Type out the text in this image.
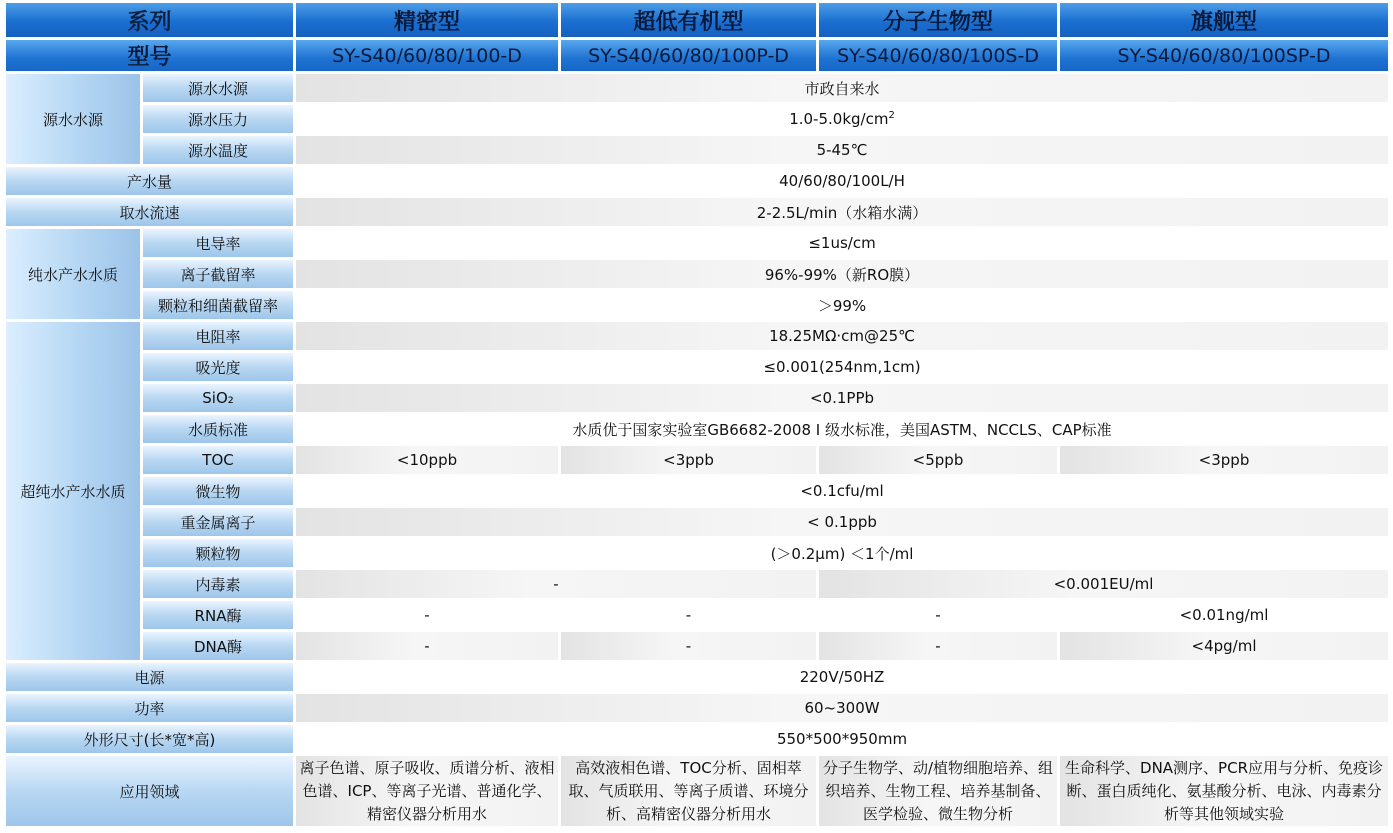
系列		精密型	超低有机型	分子生物型	旗舰型
型号		SY-S40/60/80/100-D	SY-S40/60/80/100P-D	SY-S40/60/80/100S-D	SY-S40/60/80/100SP-D
源水水源	源水水源	市政自来水			
	源水压力	$1.0-5.0kg/cm^2$
	源水温度	5-45℃			
产水量		40/60/80/100L/H			
取水流速		2-2.5L/min（水箱水满）			
纯水产水水质	电导率	≤1us/cm			
	离子截留率	96%-99%（新RO膜）			
	颗粒和细菌截留率	＞99%			
超纯水产水水质	电阻率	18.25MΩ·cm@25℃			
	吸光度	≤0.001(254nm,1cm)			
	SiO₂	<0.1PPb			
	水质标准	水质优于国家实验室GB6682-2008 I 级水标准，美国ASTM、NCCLS、CAP标准			
	TOC	<10ppb	<3ppb	<5ppb	<3ppb
	微生物	<0.1cfu/ml			
	重金属离子	< 0.1ppb			
	颗粒物	(＞0.2μm) ＜1个/ml			
	内毒素	-		<0.001EU/ml	
	RNA酶	-	-	-	<0.01ng/ml
	DNA酶	-	-	-	<4pg/ml
电源		220V/50HZ			
功率		60~300W			
外形尺寸(长*宽*高)		550*500*950mm			
应用领域		离子色谱、原子吸收、质谱分析、液相色谱、ICP、等离子光谱、普通化学、精密仪器分析用水	高效液相色谱、TOC分析、固相萃取、气质联用、等离子质谱、环境分析、高精密仪器分析用水	分子生物学、动/植物细胞培养、组织培养、生物工程、培养基制备、医学检验、微生物分析	生命科学、DNA测序、PCR应用与分析、免疫诊断、蛋白质纯化、氨基酸分析、电泳、内毒素分析等其他领域实验
